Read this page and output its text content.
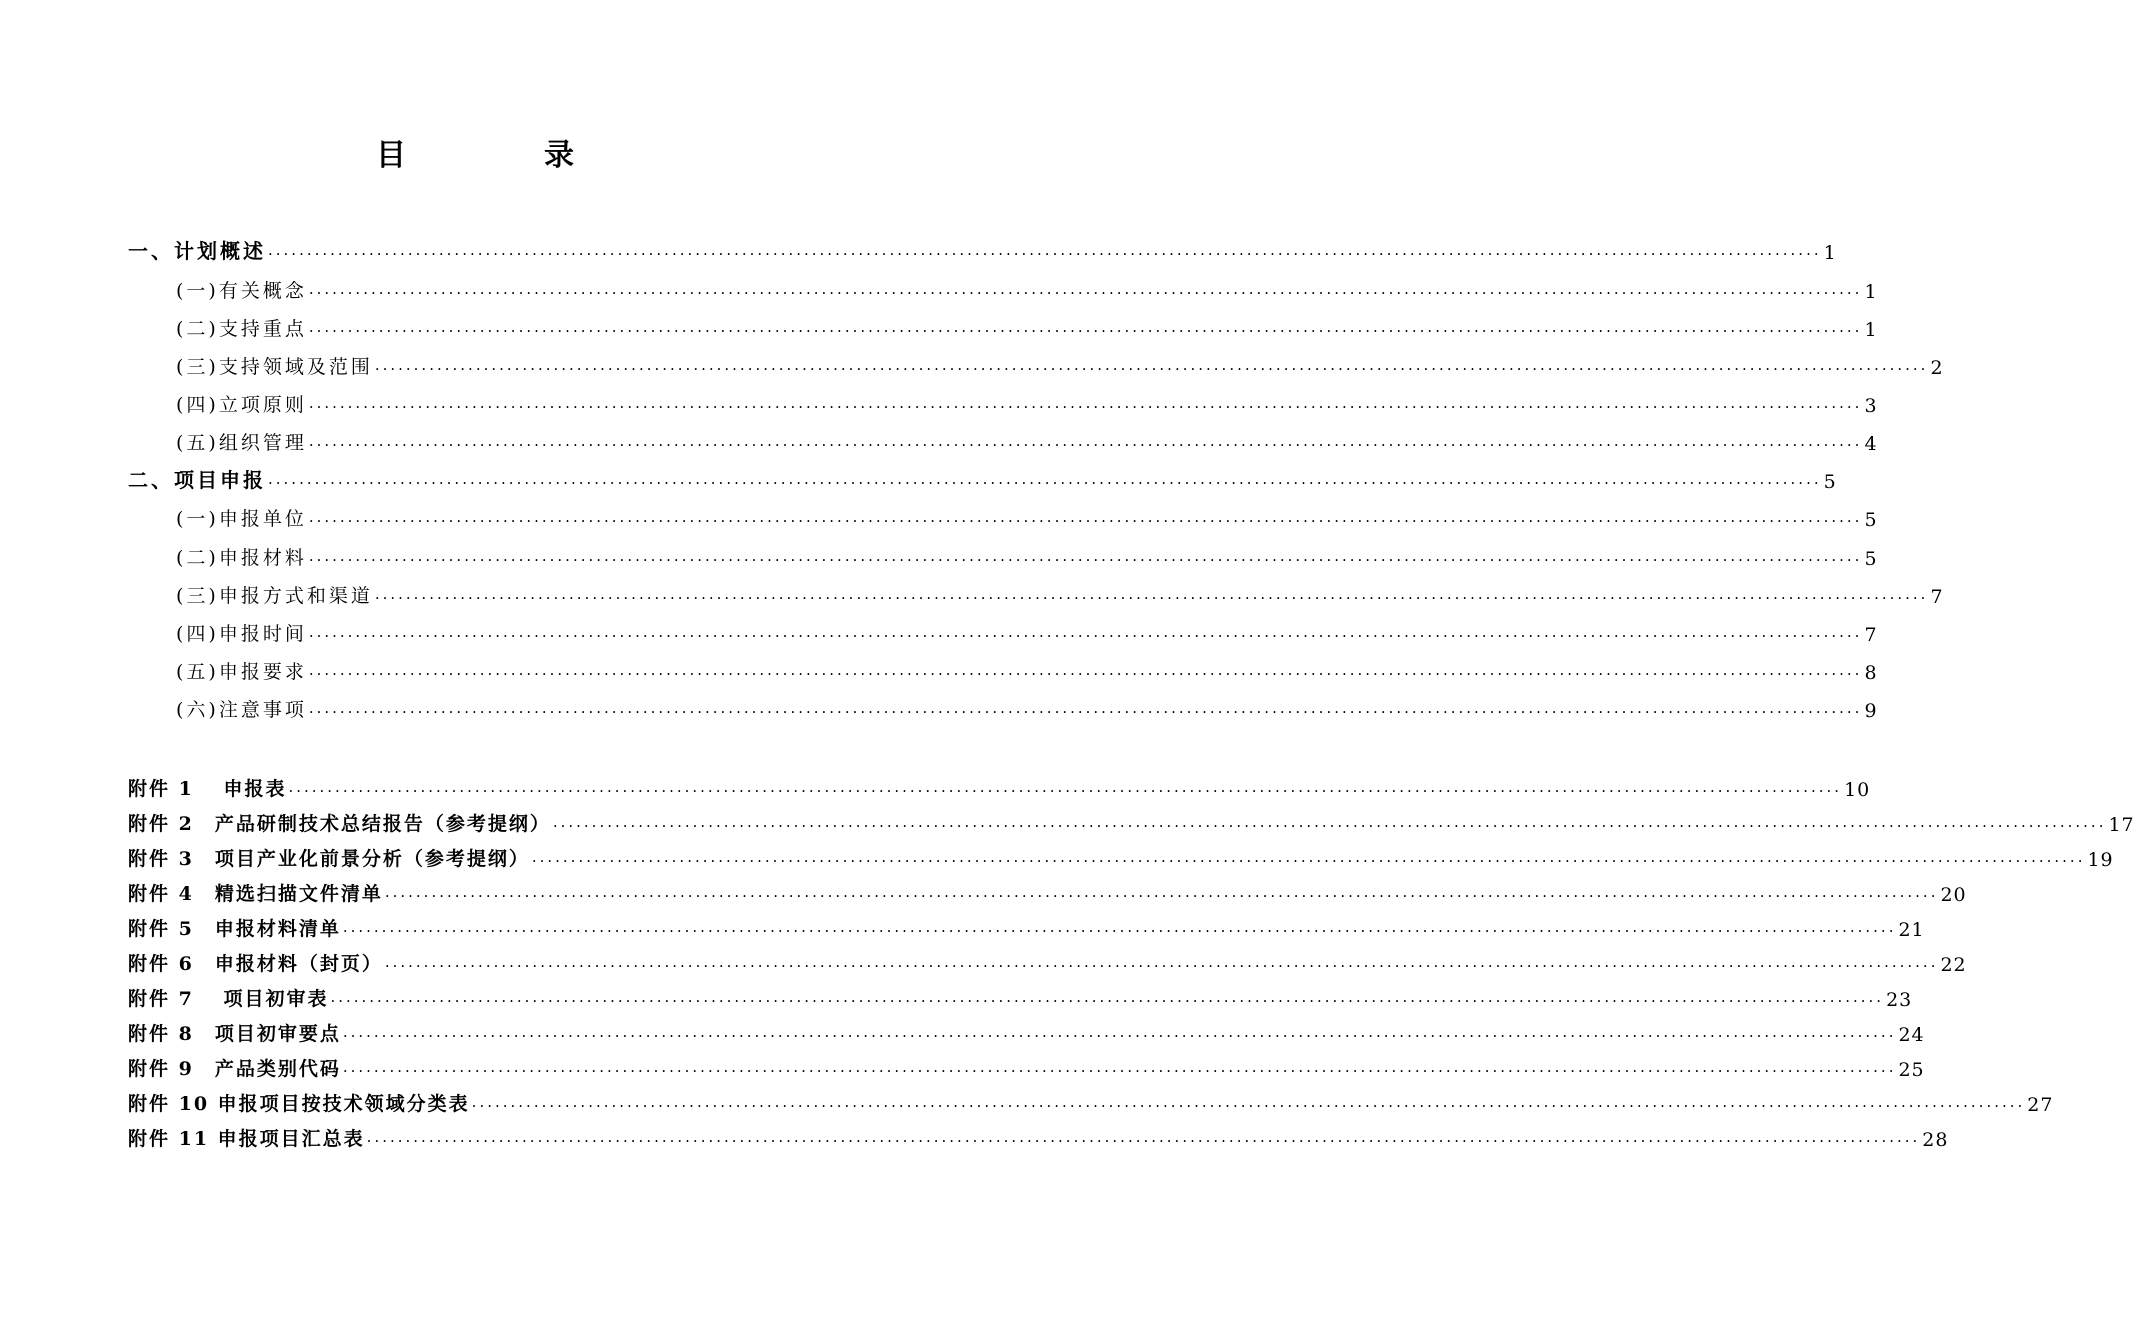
目　录
一、计划概述 ········································································································································································································ 1
(一)有关概念 ········································································································································································································ 1
(二)支持重点 ········································································································································································································ 1
(三)支持领域及范围 ········································································································································································································ 2
(四)立项原则 ········································································································································································································ 3
(五)组织管理 ········································································································································································································ 4
二、项目申报 ········································································································································································································ 5
(一)申报单位 ········································································································································································································ 5
(二)申报材料 ········································································································································································································ 5
(三)申报方式和渠道 ········································································································································································································ 7
(四)申报时间 ········································································································································································································ 7
(五)申报要求 ········································································································································································································ 8
(六)注意事项 ········································································································································································································ 9
附件 1　 申报表 ········································································································································································································ 10
附件 2　产品研制技术总结报告（参考提纲） ········································································································································································································ 17
附件 3　项目产业化前景分析（参考提纲） ········································································································································································································ 19
附件 4　精选扫描文件清单 ········································································································································································································ 20
附件 5　申报材料清单 ········································································································································································································ 21
附件 6　申报材料（封页） ········································································································································································································ 22
附件 7　 项目初审表 ········································································································································································································ 23
附件 8　项目初审要点 ········································································································································································································ 24
附件 9　产品类别代码 ········································································································································································································ 25
附件 10 申报项目按技术领域分类表 ········································································································································································································ 27
附件 11 申报项目汇总表 ········································································································································································································ 28
